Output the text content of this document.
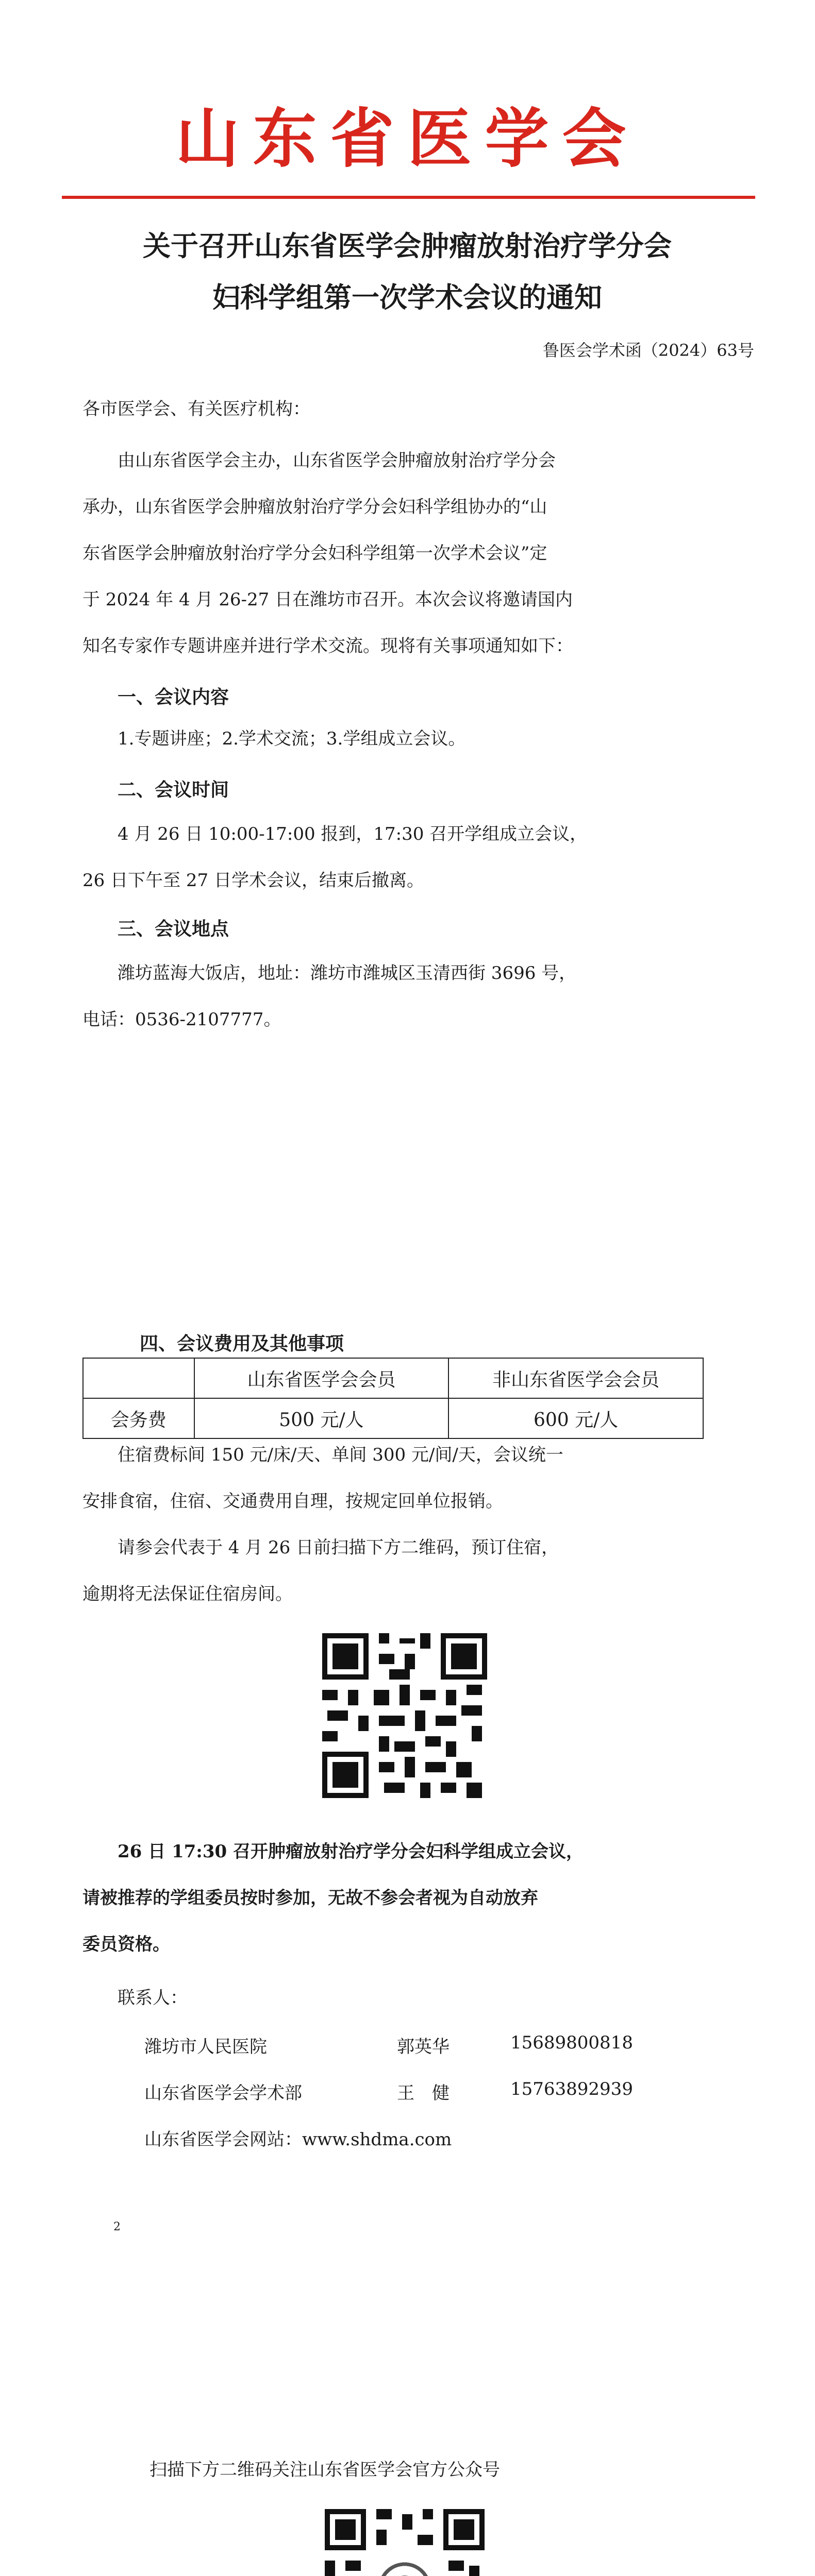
山东省医学会
关于召开山东省医学会肿瘤放射治疗学分会
妇科学组第一次学术会议的通知
鲁医会学术函（2024）63号
各市医学会、有关医疗机构：
由山东省医学会主办，山东省医学会肿瘤放射治疗学分会
承办，山东省医学会肿瘤放射治疗学分会妇科学组协办的“山
东省医学会肿瘤放射治疗学分会妇科学组第一次学术会议”定
于 2024 年 4 月 26-27 日在潍坊市召开。本次会议将邀请国内
知名专家作专题讲座并进行学术交流。现将有关事项通知如下：
一、会议内容
1.专题讲座；2.学术交流；3.学组成立会议。
二、会议时间
4 月 26 日 10:00-17:00 报到，17:30 召开学组成立会议，
26 日下午至 27 日学术会议，结束后撤离。
三、会议地点
潍坊蓝海大饭店，地址：潍坊市潍城区玉清西街 3696 号，
电话：0536-2107777。
四、会议费用及其他事项		
	山东省医学会会员	非山东省医学会会员
会务费	500 元/人	600 元/人
住宿费标间 150 元/床/天、单间 300 元/间/天，会议统一
安排食宿，住宿、交通费用自理，按规定回单位报销。
请参会代表于 4 月 26 日前扫描下方二维码，预订住宿，
逾期将无法保证住宿房间。
26 日 17:30 召开肿瘤放射治疗学分会妇科学组成立会议，
请被推荐的学组委员按时参加，无故不参会者视为自动放弃
委员资格。
联系人：
潍坊市人民医院	郭英华	15689800818
山东省医学会学术部	王　健	15763892939
山东省医学会网站：www.shdma.com
2
扫描下方二维码关注山东省医学会官方公众号
